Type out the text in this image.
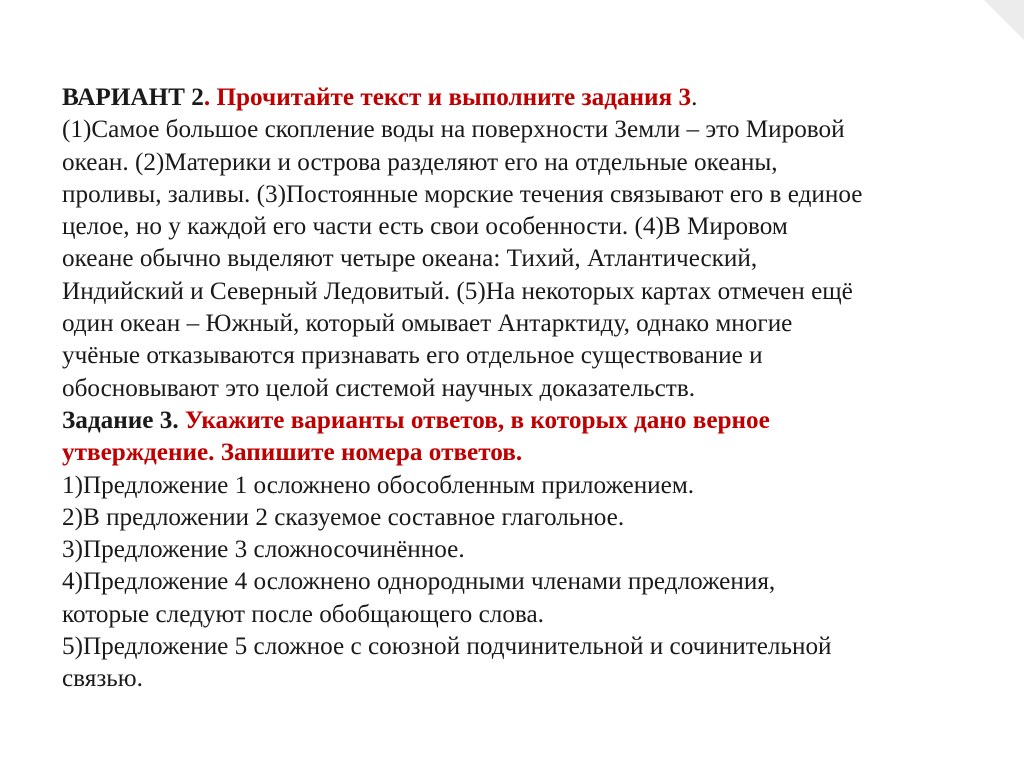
ВАРИАНТ 2. Прочитайте текст и выполните задания 3.
(1)Самое большое скопление воды на поверхности Земли – это Мировой
океан. (2)Материки и острова разделяют его на отдельные океаны,
проливы, заливы. (3)Постоянные морские течения связывают его в единое
целое, но у каждой его части есть свои особенности. (4)В Мировом
океане обычно выделяют четыре океана: Тихий, Атлантический,
Индийский и Северный Ледовитый. (5)На некоторых картах отмечен ещё
один океан – Южный, который омывает Антарктиду, однако многие
учёные отказываются признавать его отдельное существование и
обосновывают это целой системой научных доказательств.
Задание 3. Укажите варианты ответов, в которых дано верное
утверждение. Запишите номера ответов.
1)Предложение 1 осложнено обособленным приложением.
2)В предложении 2 сказуемое составное глагольное.
3)Предложение 3 сложносочинённое.
4)Предложение 4 осложнено однородными членами предложения,
которые следуют после обобщающего слова.
5)Предложение 5 сложное с союзной подчинительной и сочинительной
связью.
